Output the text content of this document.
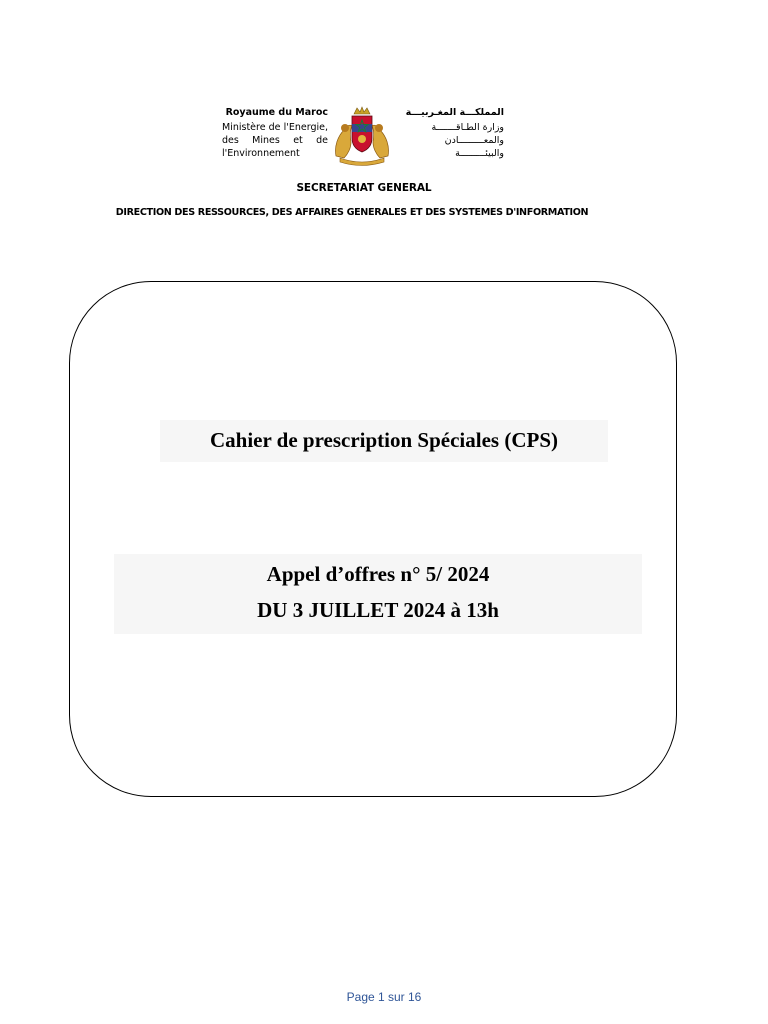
Royaume du Maroc
Ministère de l'Energie,
des Mines et de
l'Environnement
المملكـــة المغـربيـــة
وزارة الطـاقـــــــة
والمعـــــــــادن
والبيئـــــــــة
SECRETARIAT GENERAL
DIRECTION DES RESSOURCES, DES AFFAIRES GENERALES ET DES SYSTEMES D'INFORMATION
Cahier de prescription Spéciales (CPS)
Appel d’offres n° 5/ 2024
DU 3 JUILLET 2024 à 13h
Page 1 sur 16
